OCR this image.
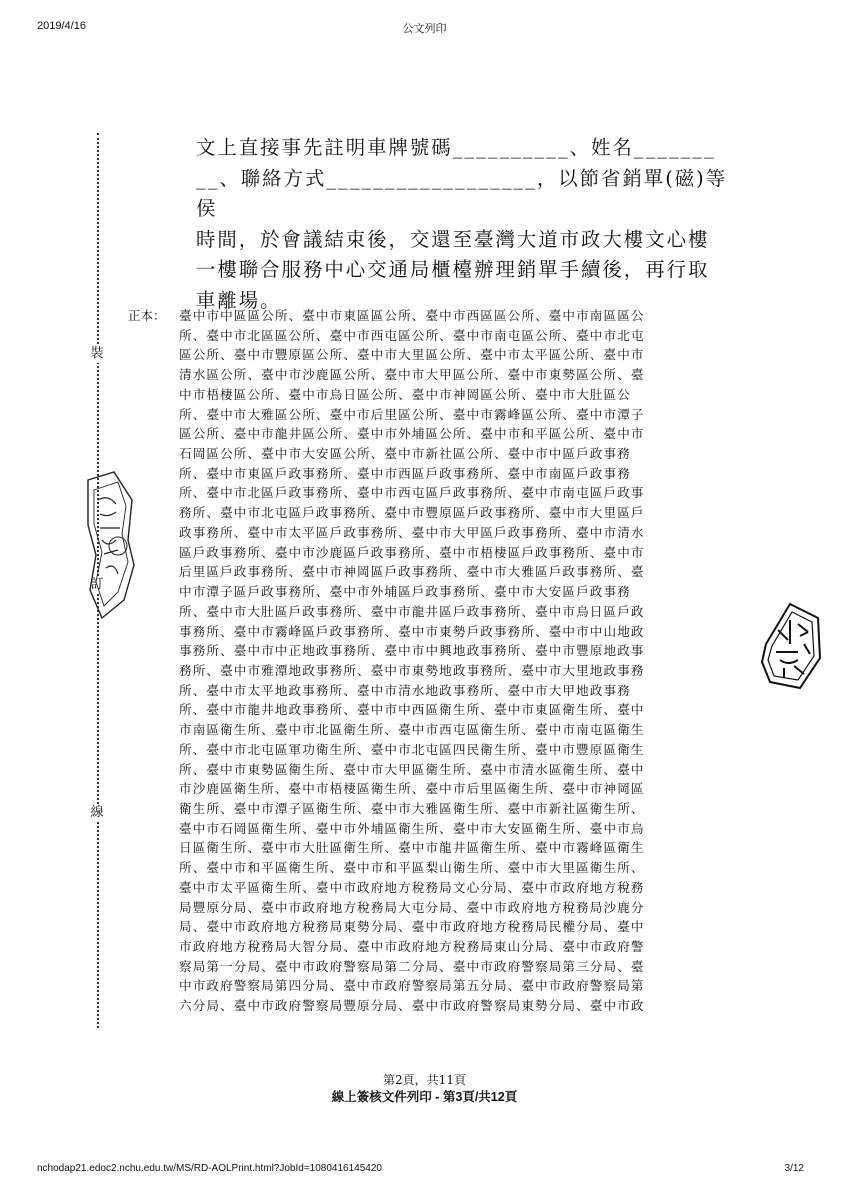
2019/4/16	公文列印
裝
訂
線
文上直接事先註明車牌號碼__________、姓名_______
__、聯絡方式__________________，以節省銷單(磁)等侯
時間，於會議結束後，交還至臺灣大道市政大樓文心樓
一樓聯合服務中心交通局櫃檯辦理銷單手續後，再行取
車離場。
正本： 臺中市中區區公所、臺中市東區區公所、臺中市西區區公所、臺中市南區區公
所、臺中市北區區公所、臺中市西屯區公所、臺中市南屯區公所、臺中市北屯
區公所、臺中市豐原區公所、臺中市大里區公所、臺中市太平區公所、臺中市
清水區公所、臺中市沙鹿區公所、臺中市大甲區公所、臺中市東勢區公所、臺
中市梧棲區公所、臺中市烏日區公所、臺中市神岡區公所、臺中市大肚區公
所、臺中市大雅區公所、臺中市后里區公所、臺中市霧峰區公所、臺中市潭子
區公所、臺中市龍井區公所、臺中市外埔區公所、臺中市和平區公所、臺中市
石岡區公所、臺中市大安區公所、臺中市新社區公所、臺中市中區戶政事務
所、臺中市東區戶政事務所、臺中市西區戶政事務所、臺中市南區戶政事務
所、臺中市北區戶政事務所、臺中市西屯區戶政事務所、臺中市南屯區戶政事
務所、臺中市北屯區戶政事務所、臺中市豐原區戶政事務所、臺中市大里區戶
政事務所、臺中市太平區戶政事務所、臺中市大甲區戶政事務所、臺中市清水
區戶政事務所、臺中市沙鹿區戶政事務所、臺中市梧棲區戶政事務所、臺中市
后里區戶政事務所、臺中市神岡區戶政事務所、臺中市大雅區戶政事務所、臺
中市潭子區戶政事務所、臺中市外埔區戶政事務所、臺中市大安區戶政事務
所、臺中市大肚區戶政事務所、臺中市龍井區戶政事務所、臺中市烏日區戶政
事務所、臺中市霧峰區戶政事務所、臺中市東勢戶政事務所、臺中市中山地政
事務所、臺中市中正地政事務所、臺中市中興地政事務所、臺中市豐原地政事
務所、臺中市雅潭地政事務所、臺中市東勢地政事務所、臺中市大里地政事務
所、臺中市太平地政事務所、臺中市清水地政事務所、臺中市大甲地政事務
所、臺中市龍井地政事務所、臺中市中西區衛生所、臺中市東區衛生所、臺中
市南區衛生所、臺中市北區衛生所、臺中市西屯區衛生所、臺中市南屯區衛生
所、臺中市北屯區軍功衛生所、臺中市北屯區四民衛生所、臺中市豐原區衛生
所、臺中市東勢區衛生所、臺中市大甲區衛生所、臺中市清水區衛生所、臺中
市沙鹿區衛生所、臺中市梧棲區衛生所、臺中市后里區衛生所、臺中市神岡區
衛生所、臺中市潭子區衛生所、臺中市大雅區衛生所、臺中市新社區衛生所、
臺中市石岡區衛生所、臺中市外埔區衛生所、臺中市大安區衛生所、臺中市烏
日區衛生所、臺中市大肚區衛生所、臺中市龍井區衛生所、臺中市霧峰區衛生
所、臺中市和平區衛生所、臺中市和平區梨山衛生所、臺中市大里區衛生所、
臺中市太平區衛生所、臺中市政府地方稅務局文心分局、臺中市政府地方稅務
局豐原分局、臺中市政府地方稅務局大屯分局、臺中市政府地方稅務局沙鹿分
局、臺中市政府地方稅務局東勢分局、臺中市政府地方稅務局民權分局、臺中
市政府地方稅務局大智分局、臺中市政府地方稅務局東山分局、臺中市政府警
察局第一分局、臺中市政府警察局第二分局、臺中市政府警察局第三分局、臺
中市政府警察局第四分局、臺中市政府警察局第五分局、臺中市政府警察局第
六分局、臺中市政府警察局豐原分局、臺中市政府警察局東勢分局、臺中市政
第2頁，共11頁
線上簽核文件列印 - 第3頁/共12頁
nchodap21.edoc2.nchu.edu.tw/MS/RD-AOLPrint.html?JobId=1080416145420	3/12
